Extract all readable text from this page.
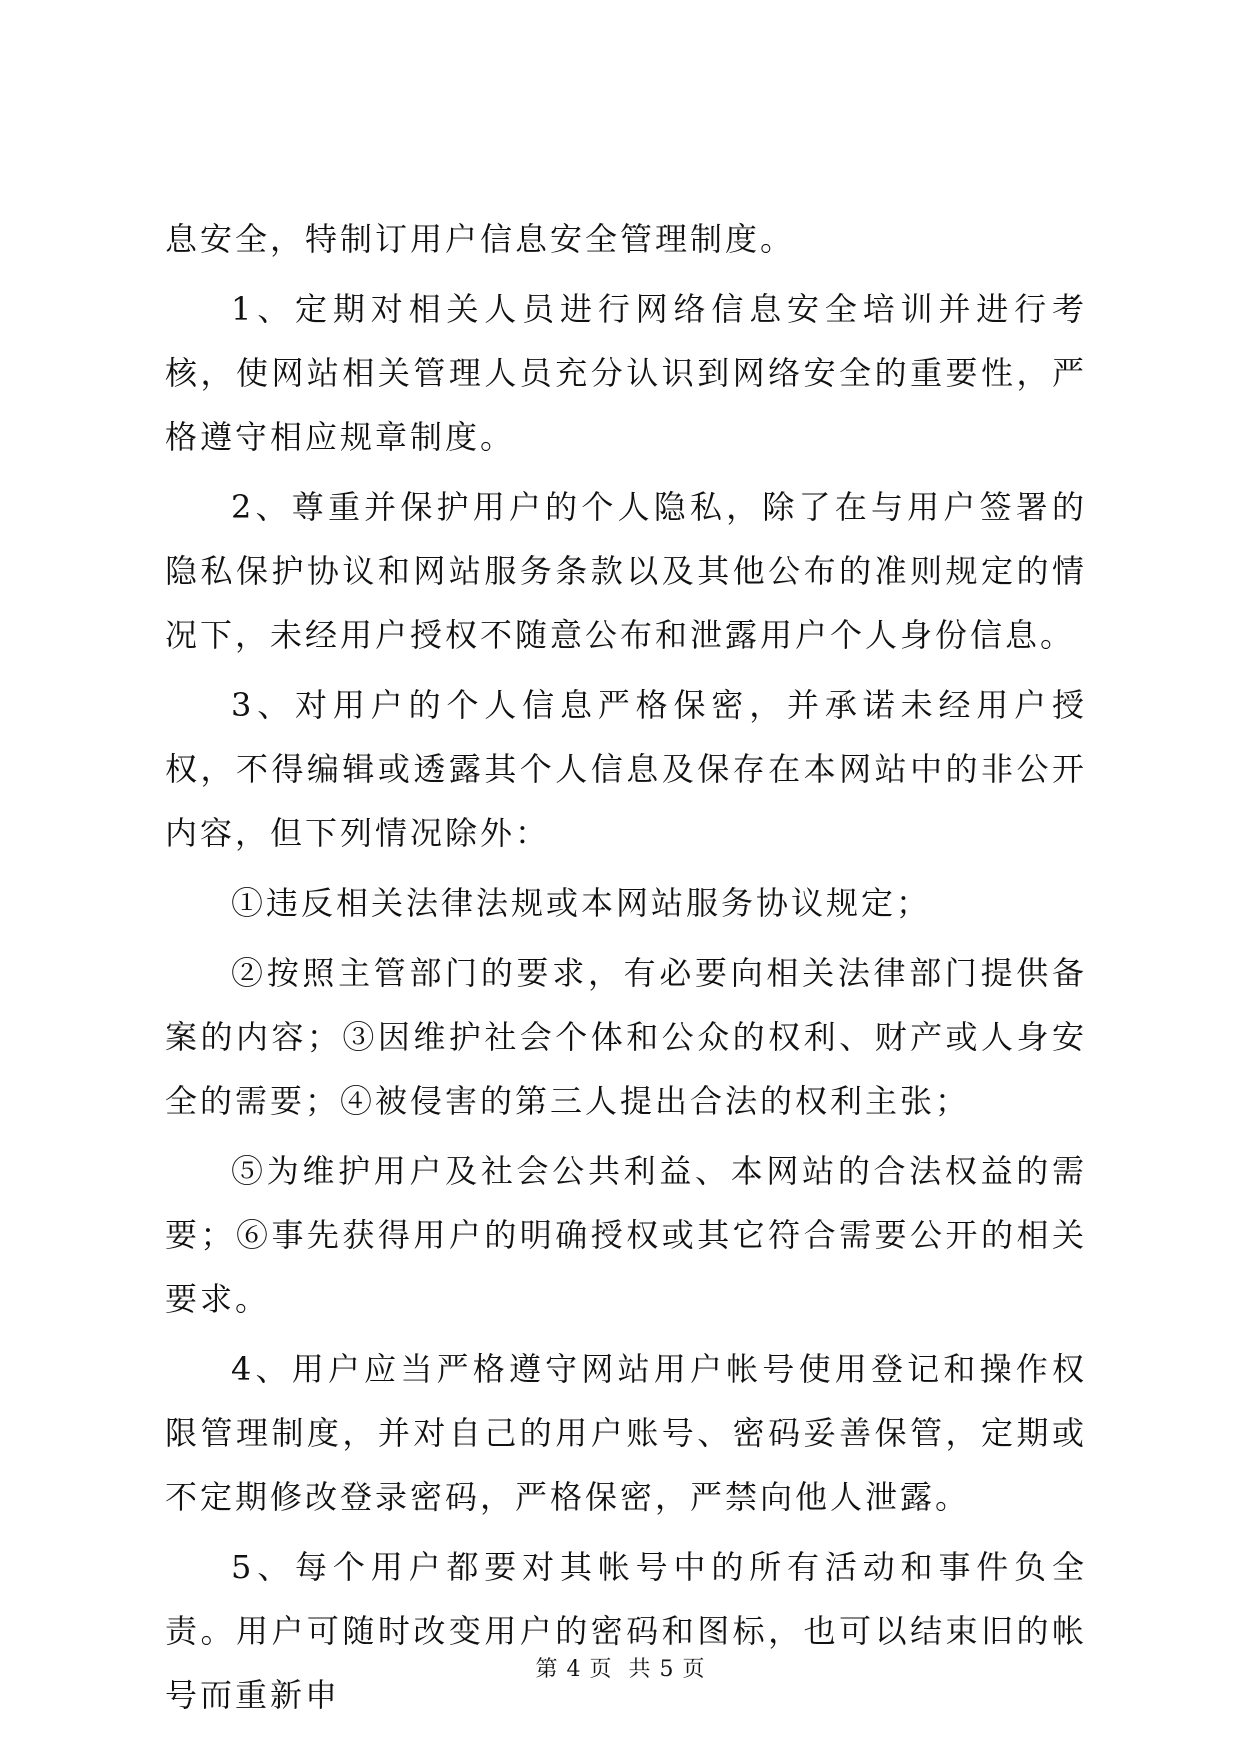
息安全，特制订用户信息安全管理制度。

1、定期对相关人员进行网络信息安全培训并进行考核，使网站相关管理人员充分认识到网络安全的重要性，严格遵守相应规章制度。

2、尊重并保护用户的个人隐私，除了在与用户签署的隐私保护协议和网站服务条款以及其他公布的准则规定的情况下，未经用户授权不随意公布和泄露用户个人身份信息。

3、对用户的个人信息严格保密，并承诺未经用户授权，不得编辑或透露其个人信息及保存在本网站中的非公开内容，但下列情况除外：

①违反相关法律法规或本网站服务协议规定；

②按照主管部门的要求，有必要向相关法律部门提供备案的内容；③因维护社会个体和公众的权利、财产或人身安全的需要；④被侵害的第三人提出合法的权利主张；

⑤为维护用户及社会公共利益、本网站的合法权益的需要；⑥事先获得用户的明确授权或其它符合需要公开的相关要求。

4、用户应当严格遵守网站用户帐号使用登记和操作权限管理制度，并对自己的用户账号、密码妥善保管，定期或不定期修改登录密码，严格保密，严禁向他人泄露。

5、每个用户都要对其帐号中的所有活动和事件负全责。用户可随时改变用户的密码和图标，也可以结束旧的帐号而重新申

第 4 页  共 5 页
